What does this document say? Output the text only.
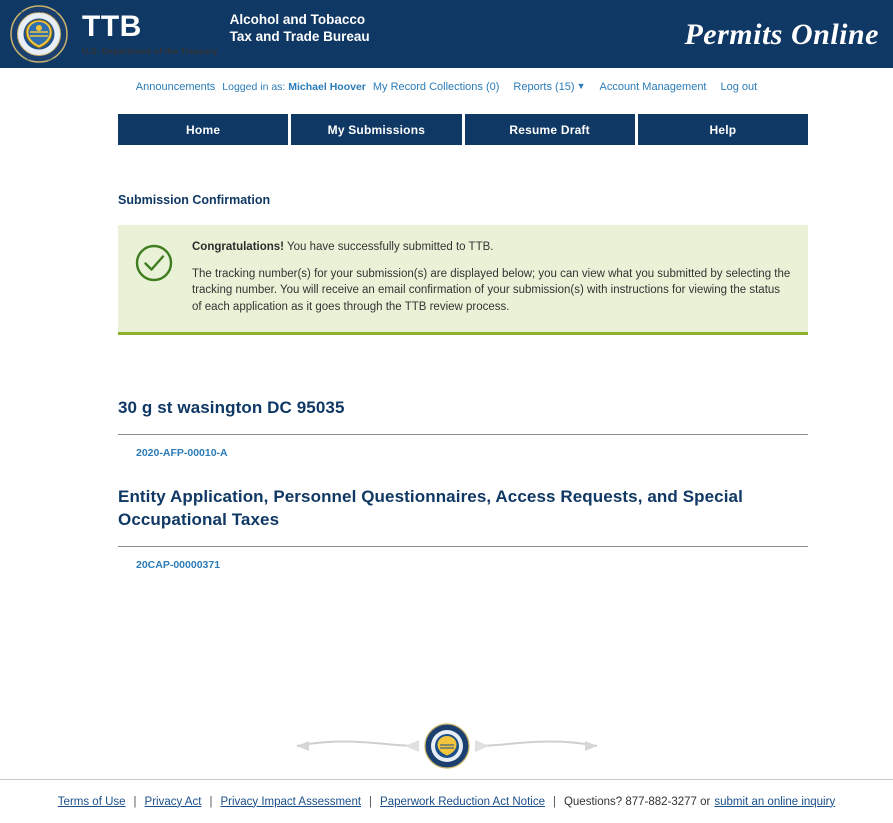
ALCOHOL AND TOBACCO
TAX AND TRADE BUREAU
TTB
U.S. Department of the Treasury
Alcohol and Tobacco
Tax and Trade Bureau	Permits Online
Announcements Logged in as: Michael Hoover My Record Collections (0)	Reports (15) ▼	Account Management	Log out
Home	My Submissions	Resume Draft	Help
Submission Confirmation

Congratulations! You have successfully submitted to TTB.

The tracking number(s) for your submission(s) are displayed below; you can view what you submitted by selecting the tracking number. You will receive an email confirmation of your submission(s) with instructions for viewing the status of each application as it goes through the TTB review process.

30 g st wasington DC 95035
2020-AFP-00010-A
Entity Application, Personnel Questionnaires, Access Requests, and Special Occupational Taxes
20CAP-00000371
Terms of Use | Privacy Act | Privacy Impact Assessment | Paperwork Reduction Act Notice | Questions? 877-882-3277 or submit an online inquiry
